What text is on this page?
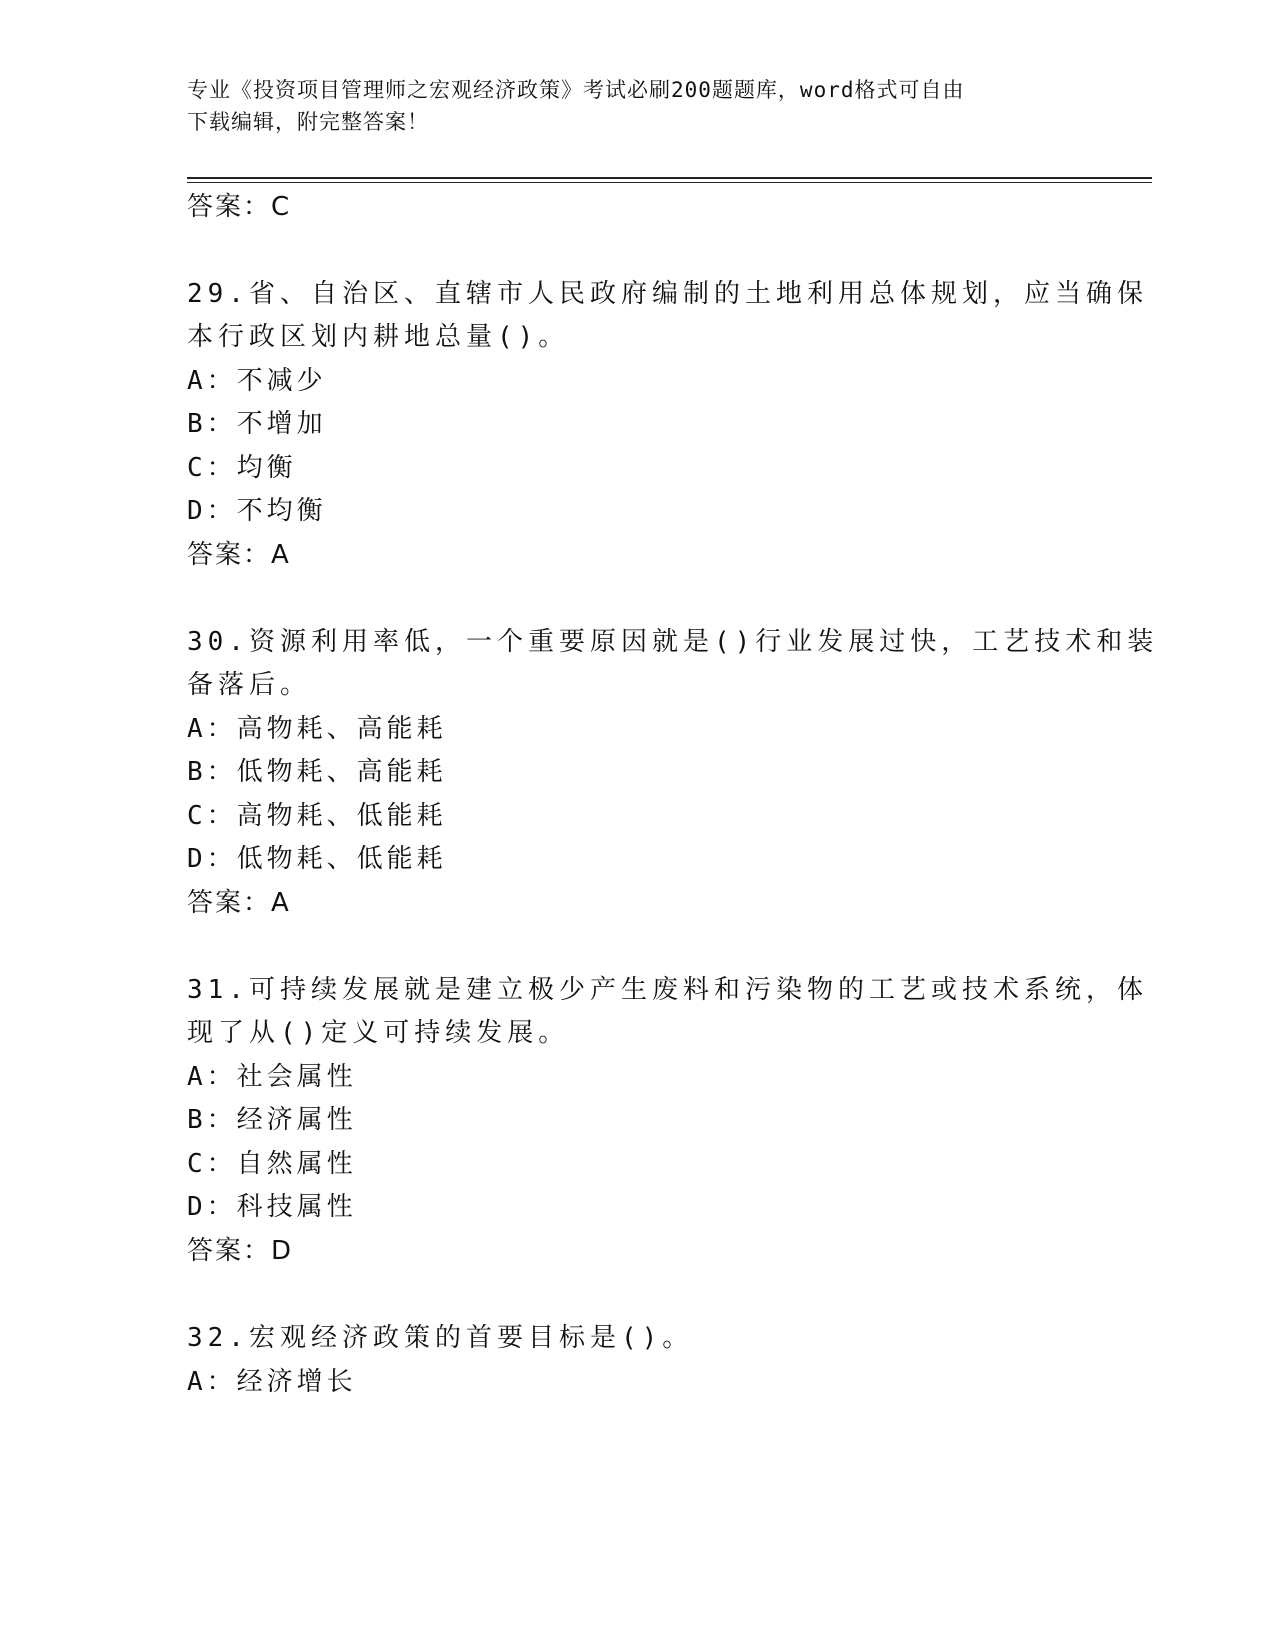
专业《投资项目管理师之宏观经济政策》考试必刷200题题库，word格式可自由
下载编辑，附完整答案！
答案：C
29.省、自治区、直辖市人民政府编制的土地利用总体规划，应当确保
本行政区划内耕地总量()。
A：不减少
B：不增加
C：均衡
D：不均衡
答案：A
30.资源利用率低，一个重要原因就是()行业发展过快，工艺技术和装
备落后。
A：高物耗、高能耗
B：低物耗、高能耗
C：高物耗、低能耗
D：低物耗、低能耗
答案：A
31.可持续发展就是建立极少产生废料和污染物的工艺或技术系统，体
现了从()定义可持续发展。
A：社会属性
B：经济属性
C：自然属性
D：科技属性
答案：D
32.宏观经济政策的首要目标是()。
A：经济增长
